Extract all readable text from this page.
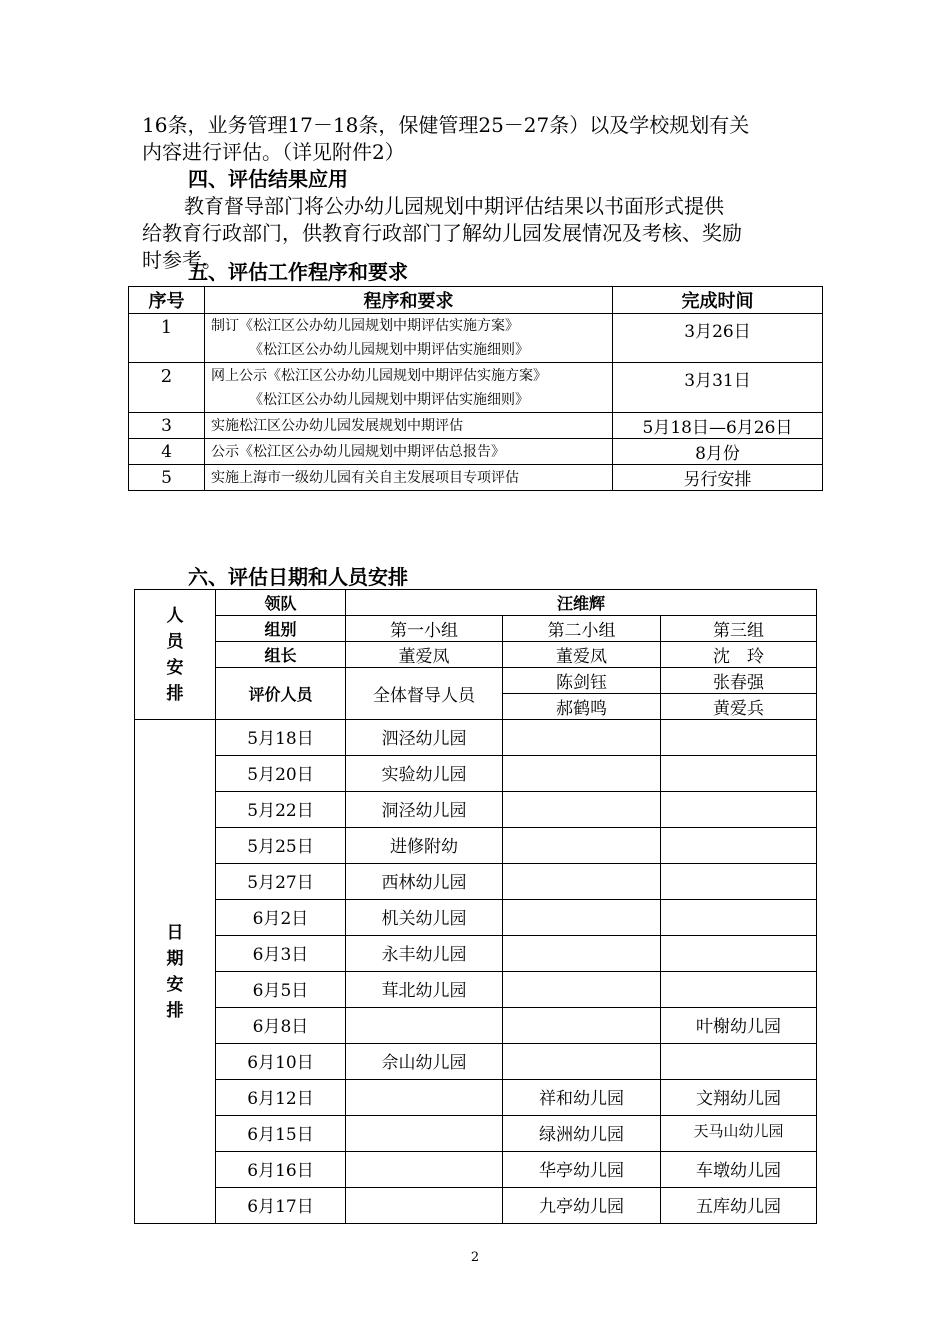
16条，业务管理17－18条，保健管理25－27条）以及学校规划有关
内容进行评估。（详见附件2）
四、评估结果应用
教育督导部门将公办幼儿园规划中期评估结果以书面形式提供
给教育行政部门，供教育行政部门了解幼儿园发展情况及考核、奖励
时参考。
五、评估工作程序和要求
序号	程序和要求	完成时间
1	制订《松江区公办幼儿园规划中期评估实施方案》
《松江区公办幼儿园规划中期评估实施细则》	3月26日
2	网上公示《松江区公办幼儿园规划中期评估实施方案》
《松江区公办幼儿园规划中期评估实施细则》	3月31日
3	实施松江区公办幼儿园发展规划中期评估	5月18日—6月26日
4	公示《松江区公办幼儿园规划中期评估总报告》	8月份
5	实施上海市一级幼儿园有关自主发展项目专项评估	另行安排
六、评估日期和人员安排
人
员
安
排	领队	汪维辉		
	组别	第一小组	第二小组	第三组
	组长	董爱凤	董爱凤	沈　玲
	评价人员	全体督导人员	陈剑钰	张春强
			郝鹤鸣	黄爱兵

日
期
安
排	5月18日	泗泾幼儿园		
	5月20日	实验幼儿园		
	5月22日	洞泾幼儿园		
	5月25日	进修附幼		
	5月27日	西林幼儿园		
	6月2日	机关幼儿园		
	6月3日	永丰幼儿园		
	6月5日	茸北幼儿园		
	6月8日			叶榭幼儿园
	6月10日	佘山幼儿园		
	6月12日		祥和幼儿园	文翔幼儿园
	6月15日		绿洲幼儿园	天马山幼儿园
	6月16日		华亭幼儿园	车墩幼儿园
	6月17日		九亭幼儿园	五库幼儿园
2
